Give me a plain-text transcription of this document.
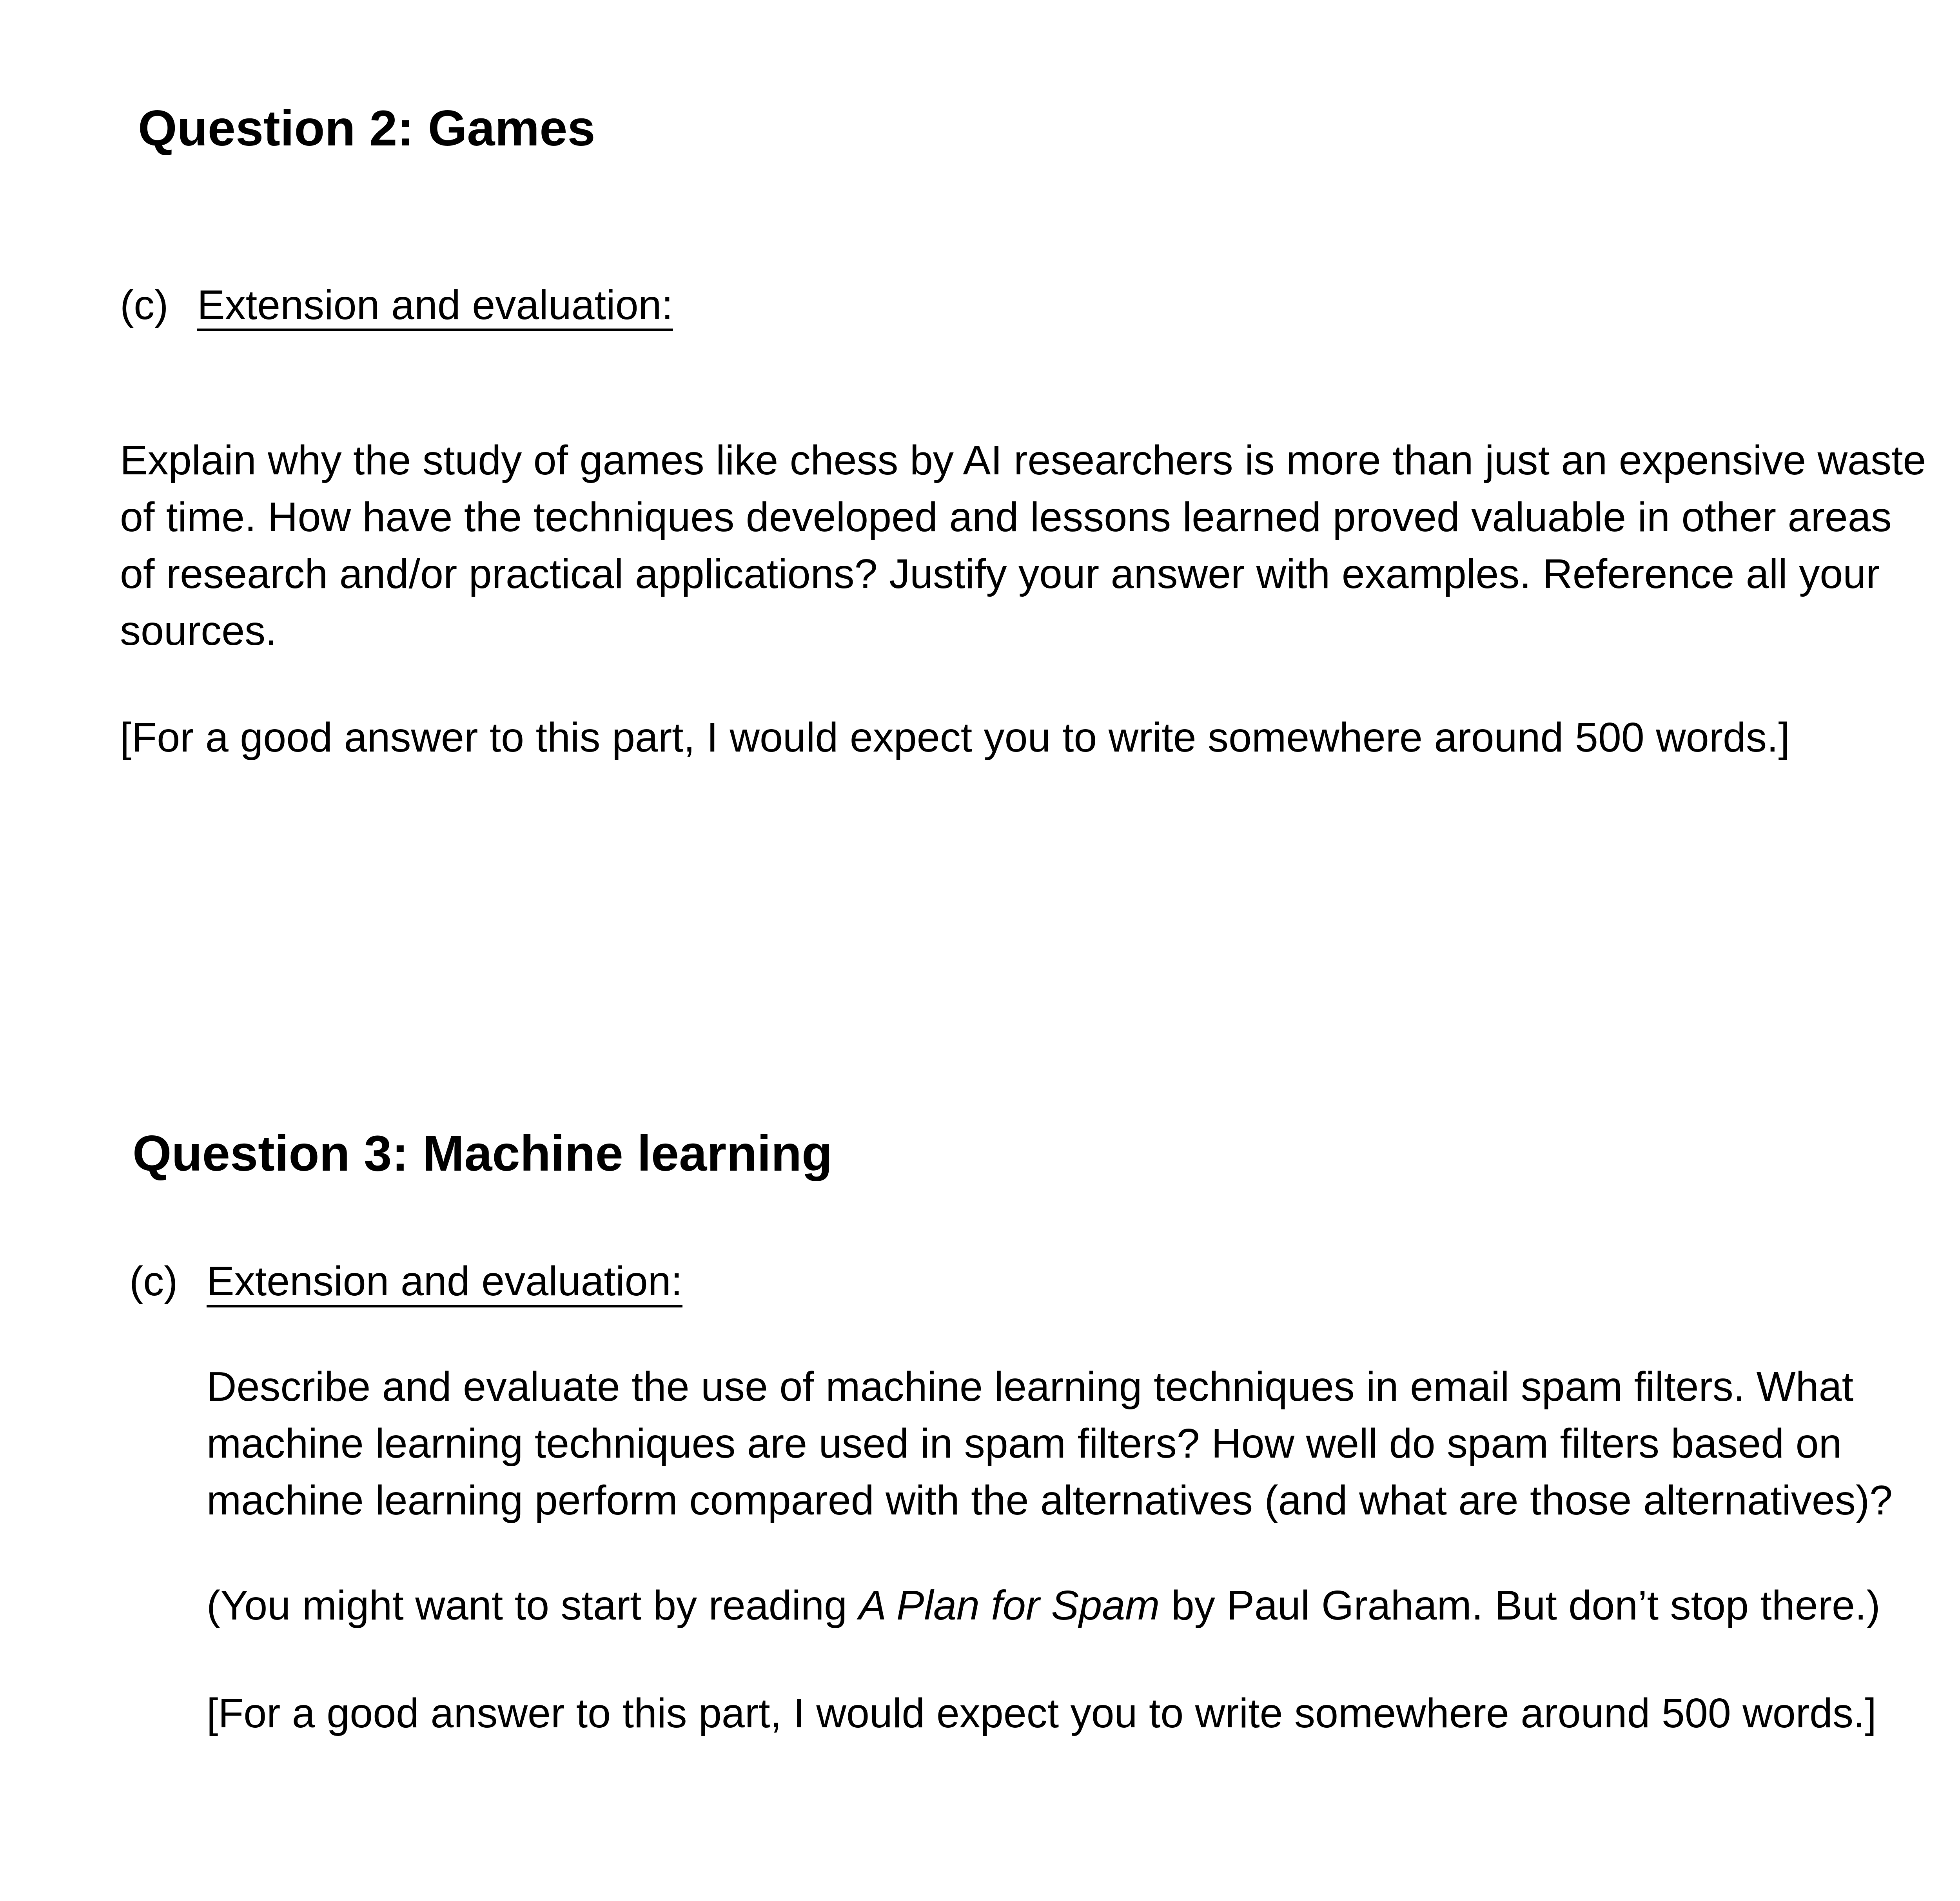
Question 2: Games
(c) Extension and evaluation:
Explain why the study of games like chess by AI researchers is more than just an expensive waste
of time. How have the techniques developed and lessons learned proved valuable in other areas
of research and/or practical applications? Justify your answer with examples. Reference all your
sources.
[For a good answer to this part, I would expect you to write somewhere around 500 words.]
Question 3: Machine learning
(c) Extension and evaluation:
Describe and evaluate the use of machine learning techniques in email spam filters. What
machine learning techniques are used in spam filters? How well do spam filters based on
machine learning perform compared with the alternatives (and what are those alternatives)?
(You might want to start by reading A Plan for Spam by Paul Graham. But don’t stop there.)
[For a good answer to this part, I would expect you to write somewhere around 500 words.]
